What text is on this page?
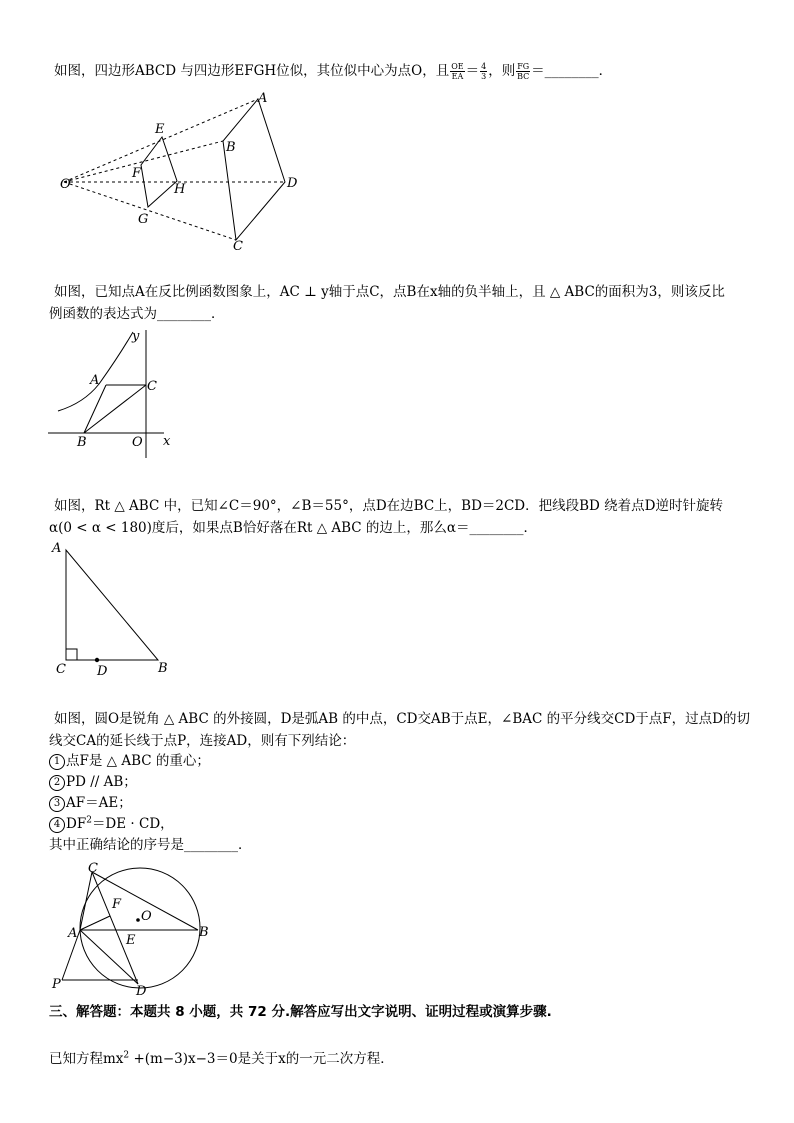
如图，四边形ABCD 与四边形EFGH位似，其位似中心为点O，且 $\frac{OE}{EA} = \frac{4}{3}$ ，则 $\frac{FG}{BC}$ ＝________．
O
A
B
D
C
E
F
H
G
如图，已知点A在反比例函数图象上，AC ⊥ y轴于点C，点B在x轴的负半轴上，且 △ ABC的面积为3，则该反比
例函数的表达式为________．
y
A	C
B	O x
如图，Rt △ ABC 中，已知∠C＝90°，∠B＝55°，点D在边BC上，BD＝2CD．把线段BD 绕着点D逆时针旋转
α(0 < α < 180)度后，如果点B恰好落在Rt △ ABC 的边上，那么α＝________．
A
C D	B
如图，圆O是锐角 △ ABC 的外接圆，D是弧AB 的中点，CD交AB于点E，∠BAC 的平分线交CD于点F，过点D的切
线交CA的延长线于点P，连接AD，则有下列结论：
1 点F是 △ ABC 的重心；
2 PD // AB；
3 AF＝AE；
4 $DF^2=DE$ · CD，
其中正确结论的序号是________．
C
F
O
A	E
B
P	D
三、解答题：本题共 8 小题，共 72 分.解答应写出文字说明、证明过程或演算步骤.
已知方程$mx^2 +(m-3)x-3=0$是关于x的一元二次方程．
